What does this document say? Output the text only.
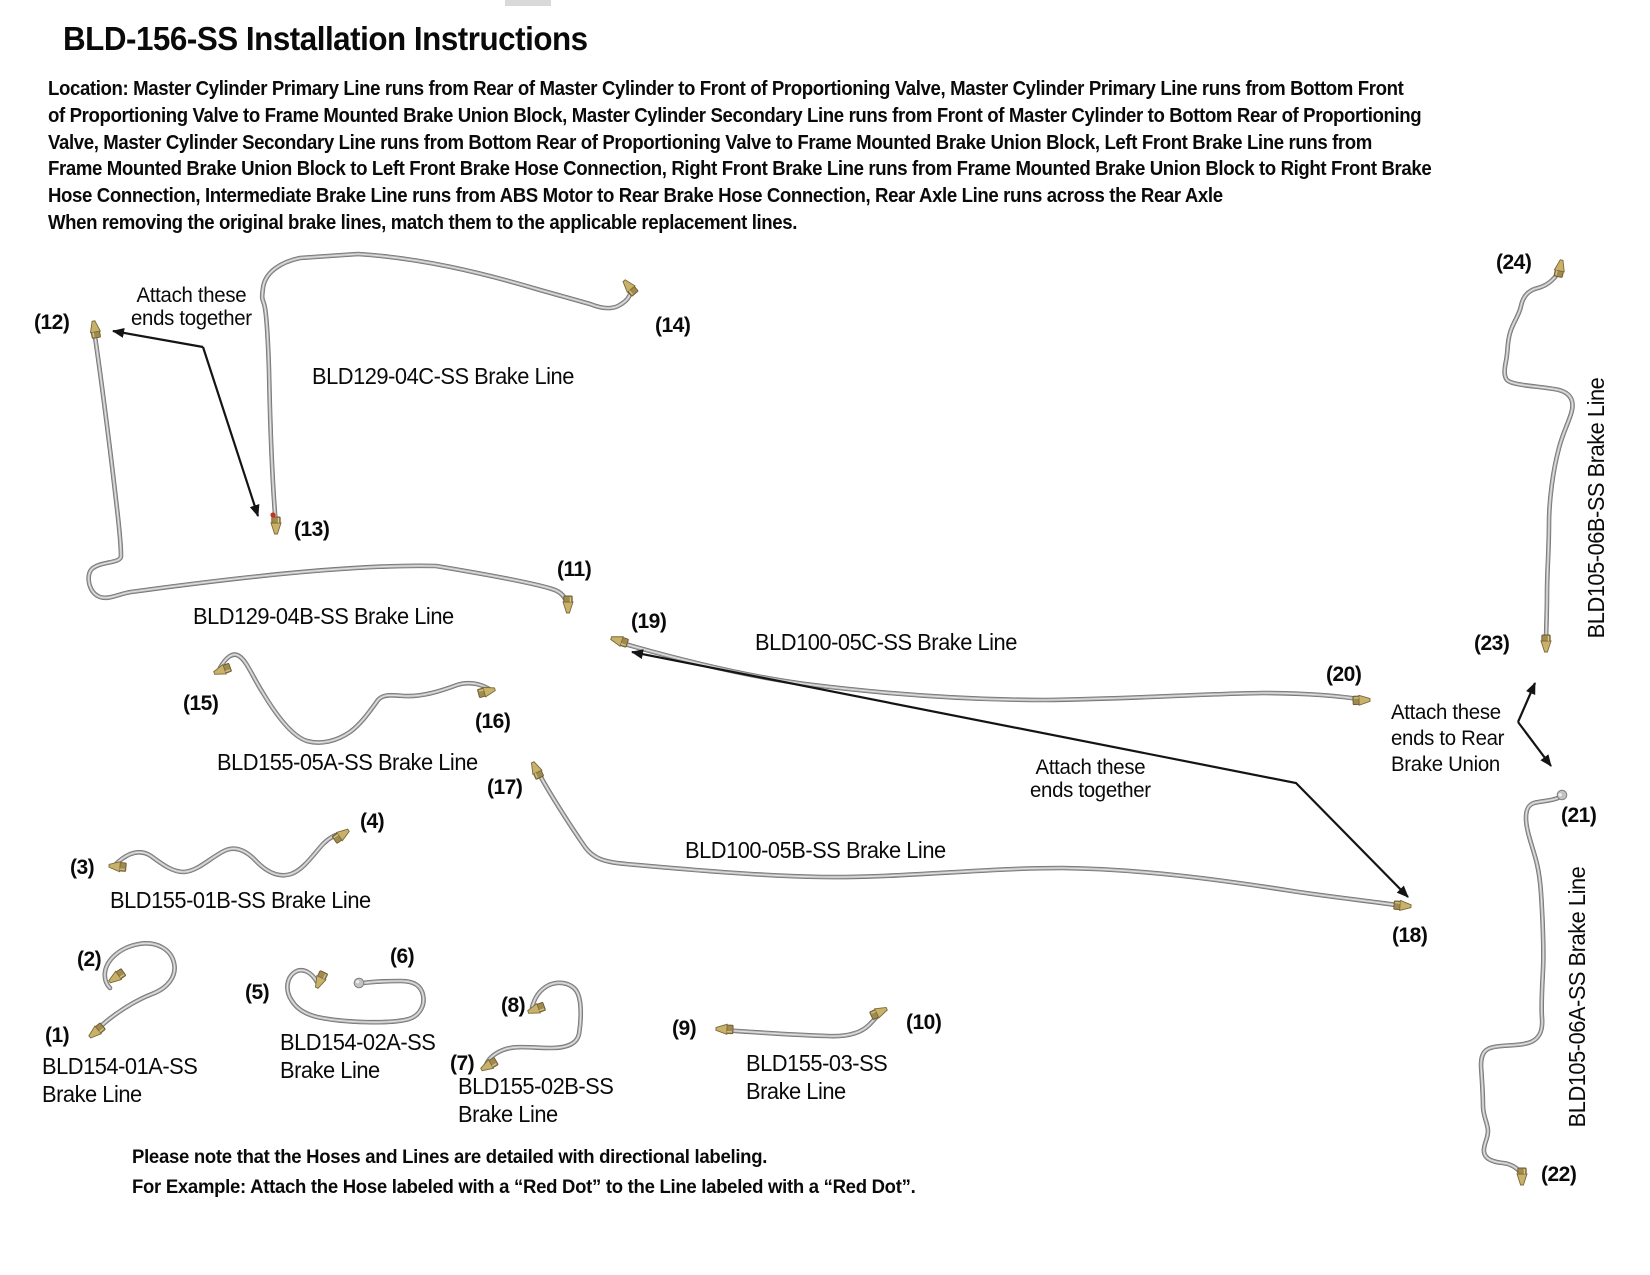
BLD-156-SS Installation Instructions
Location: Master Cylinder Primary Line runs from Rear of Master Cylinder to Front of Proportioning Valve, Master Cylinder Primary Line runs from Bottom Front
of Proportioning Valve to Frame Mounted Brake Union Block, Master Cylinder Secondary Line runs from Front of Master Cylinder to Bottom Rear of Proportioning
Valve, Master Cylinder Secondary Line runs from Bottom Rear of Proportioning Valve to Frame Mounted Brake Union Block, Left Front Brake Line runs from
Frame Mounted Brake Union Block to Left Front Brake Hose Connection, Right Front Brake Line runs from Frame Mounted Brake Union Block to Right Front Brake
Hose Connection, Intermediate Brake Line runs from ABS Motor to Rear Brake Hose Connection, Rear Axle Line runs across the Rear Axle
When removing the original brake lines, match them to the applicable replacement lines.
(1)
(2)
(3)
(4)
(5)
(6)
(7)
(8)
(9)	(10)
(11)
(12)
(13)
(14)
(15)
(16)
(17)
(18)
(19)
(20)
(21)
(22)
(23)
(24)
BLD129-04C-SS Brake Line
BLD129-04B-SS Brake Line
BLD155-05A-SS Brake Line
BLD100-05C-SS Brake Line
BLD100-05B-SS Brake Line
BLD155-01B-SS Brake Line
BLD154-01A-SS
Brake Line
BLD154-02A-SS
Brake Line
BLD155-02B-SS
Brake Line
BLD155-03-SS
Brake Line
BLD105-06B-SS Brake Line
BLD105-06A-SS Brake Line
Attach these
ends together
Attach these
ends together
Attach these
ends to Rear
Brake Union
Please note that the Hoses and Lines are detailed with directional labeling.
For Example: Attach the Hose labeled with a “Red Dot” to the Line labeled with a “Red Dot”.
